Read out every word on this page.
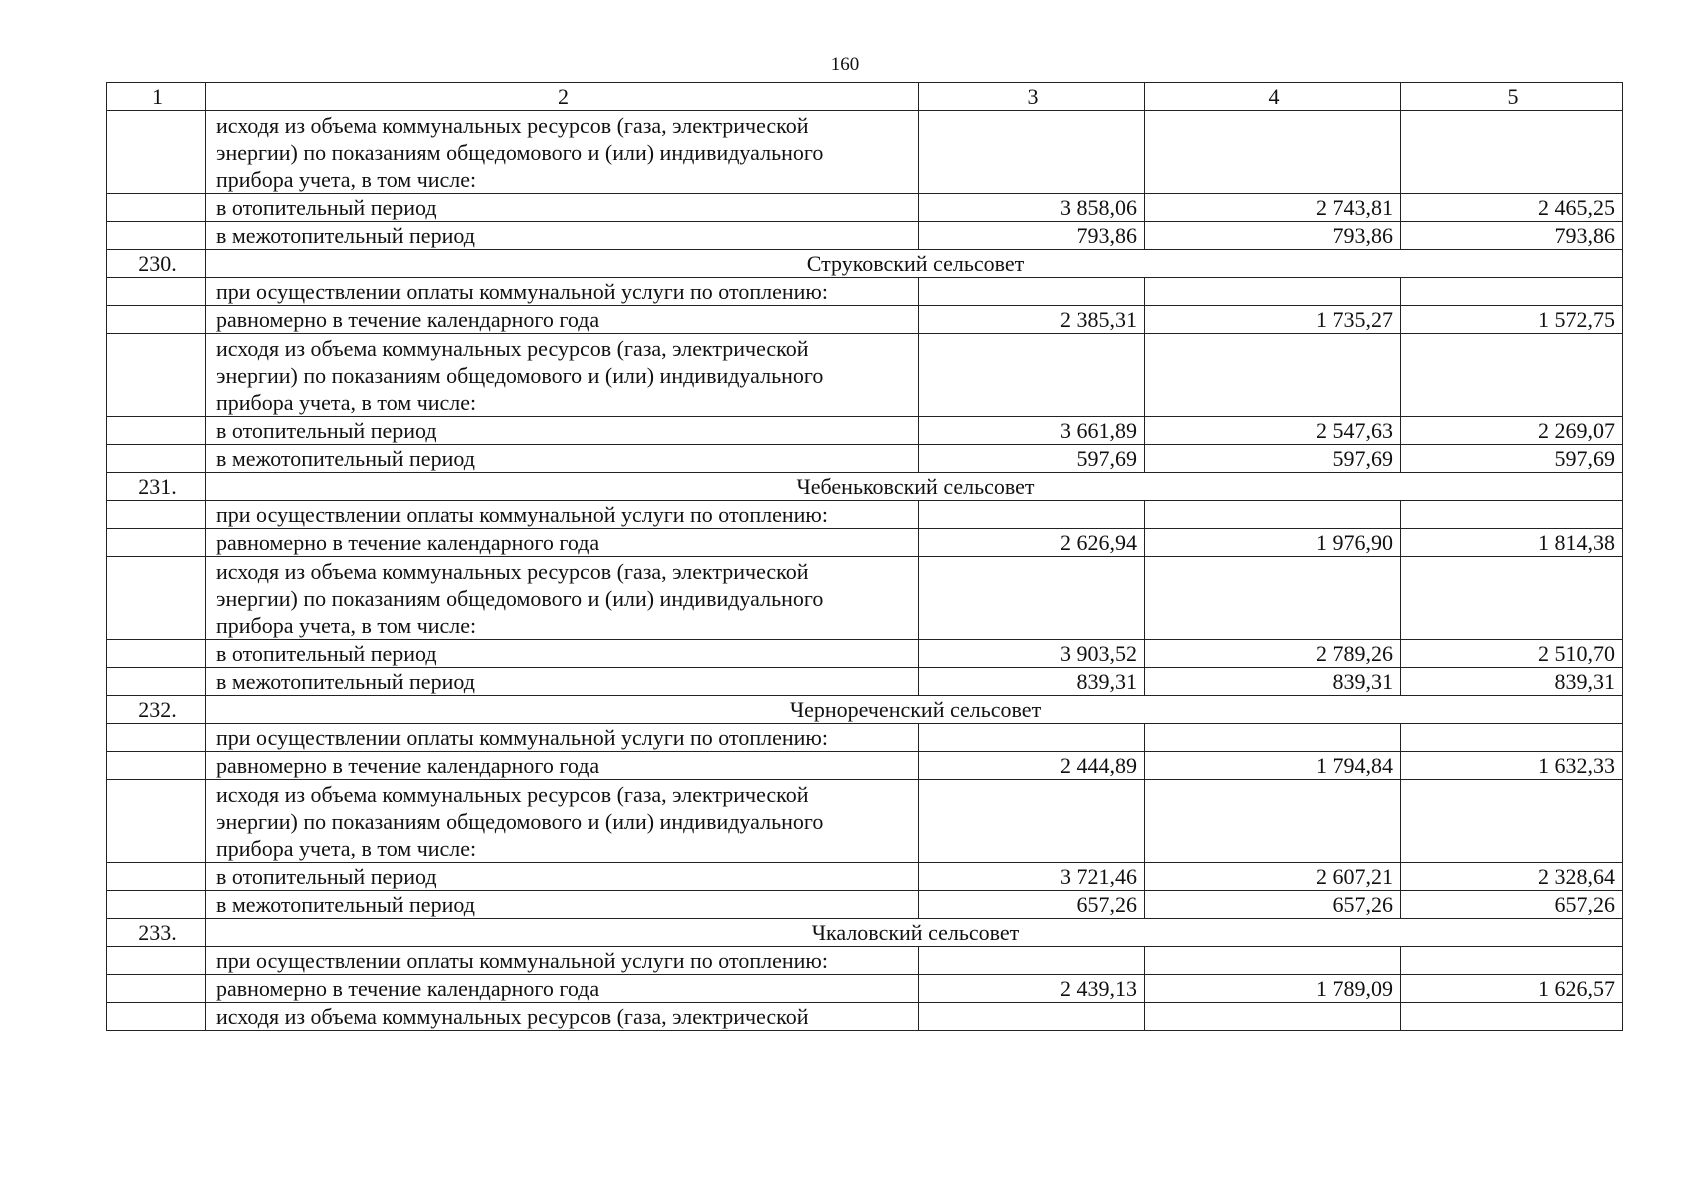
160
1	2	3	4	5
	исходя из объема коммунальных ресурсов (газа, электрической
энергии) по показаниям общедомового и (или) индивидуального
прибора учета, в том числе:			
	в отопительный период	3 858,06	2 743,81	2 465,25
	в межотопительный период	793,86	793,86	793,86
230.	Струковский сельсовет			
	при осуществлении оплаты коммунальной услуги по отоплению:			
	равномерно в течение календарного года	2 385,31	1 735,27	1 572,75
	исходя из объема коммунальных ресурсов (газа, электрической
энергии) по показаниям общедомового и (или) индивидуального
прибора учета, в том числе:			
	в отопительный период	3 661,89	2 547,63	2 269,07
	в межотопительный период	597,69	597,69	597,69
231.	Чебеньковский сельсовет			
	при осуществлении оплаты коммунальной услуги по отоплению:			
	равномерно в течение календарного года	2 626,94	1 976,90	1 814,38
	исходя из объема коммунальных ресурсов (газа, электрической
энергии) по показаниям общедомового и (или) индивидуального
прибора учета, в том числе:			
	в отопительный период	3 903,52	2 789,26	2 510,70
	в межотопительный период	839,31	839,31	839,31
232.	Чернореченский сельсовет			
	при осуществлении оплаты коммунальной услуги по отоплению:			
	равномерно в течение календарного года	2 444,89	1 794,84	1 632,33
	исходя из объема коммунальных ресурсов (газа, электрической
энергии) по показаниям общедомового и (или) индивидуального
прибора учета, в том числе:			
	в отопительный период	3 721,46	2 607,21	2 328,64
	в межотопительный период	657,26	657,26	657,26
233.	Чкаловский сельсовет			
	при осуществлении оплаты коммунальной услуги по отоплению:			
	равномерно в течение календарного года	2 439,13	1 789,09	1 626,57
	исходя из объема коммунальных ресурсов (газа, электрической			
